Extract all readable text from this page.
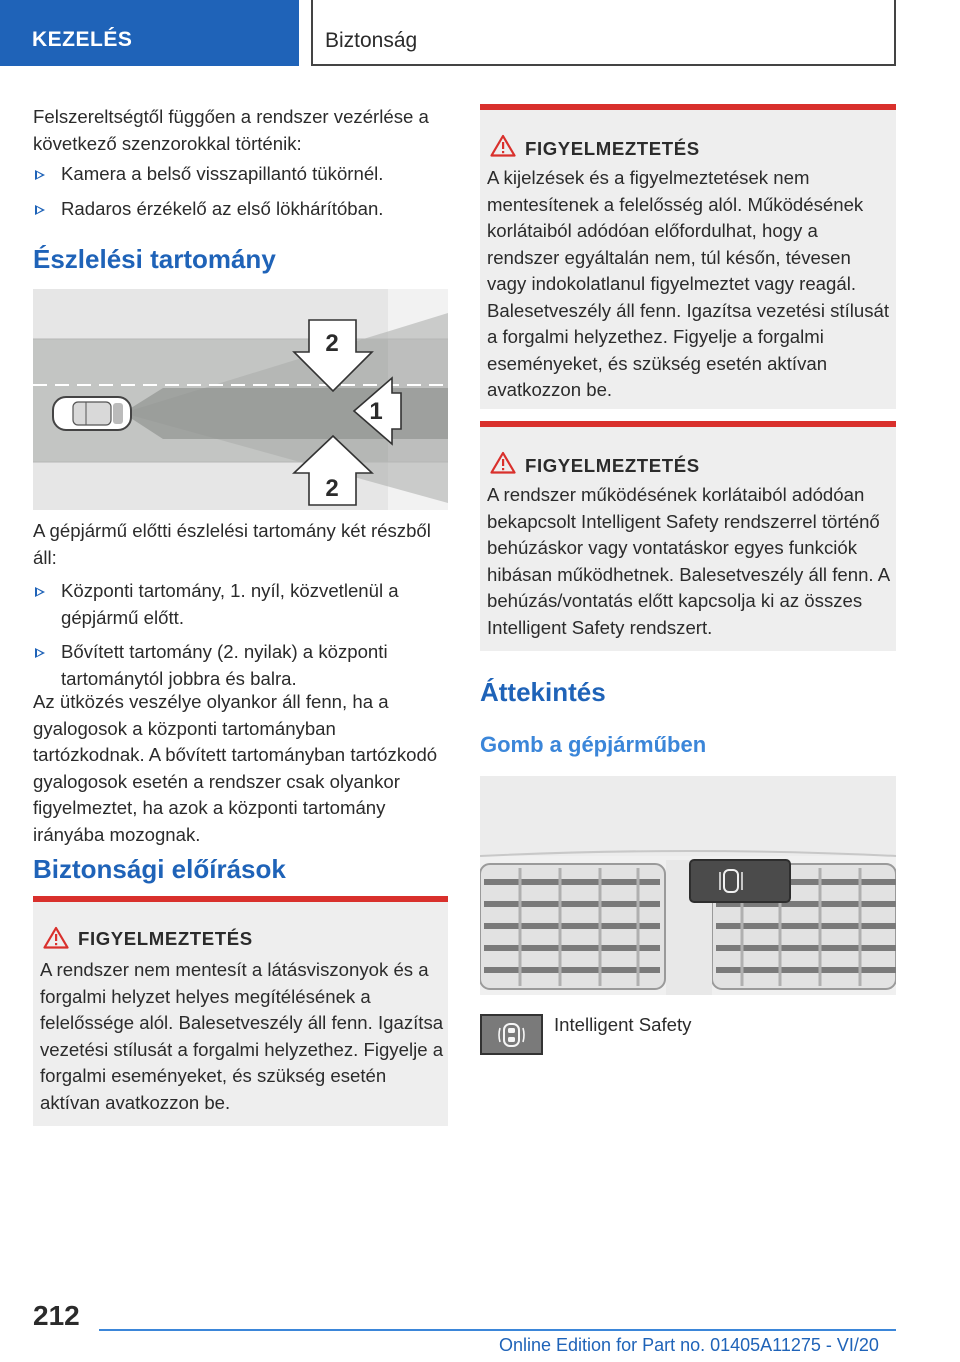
KEZELÉS	Biztonság

Felszereltségtől függően a rendszer vezérlése a következő szenzorokkal történik:

Kamera a belső visszapillantó tükörnél.
Radaros érzékelő az első lökhárítóban.
Észlelési tartomány
2
1
2

A gépjármű előtti észlelési tartomány két részből áll:

Központi tartomány, 1. nyíl, közvetlenül a gépjármű előtt.
Bővített tartomány (2. nyilak) a központi tartománytól jobbra és balra.

Az ütközés veszélye olyankor áll fenn, ha a gyalogosok a központi tartományban tartózkodnak. A bővített tartományban tartózkodó gyalogosok esetén a rendszer csak olyankor figyelmeztet, ha azok a központi tartomány irányába mozognak.

Biztonsági előírások
FIGYELMEZTETÉS
A rendszer nem mentesít a látásviszonyok és a forgalmi helyzet helyes megítélésének a felelőssége alól. Balesetveszély áll fenn. Igazítsa vezetési stílusát a forgalmi helyzethez. Figyelje a forgalmi eseményeket, és szükség esetén aktívan avatkozzon be.
FIGYELMEZTETÉS
A kijelzések és a figyelmeztetések nem mentesítenek a felelősség alól. Működésének korlátaiból adódóan előfordulhat, hogy a rendszer egyáltalán nem, túl későn, tévesen vagy indokolatlanul figyelmeztet vagy reagál. Balesetveszély áll fenn. Igazítsa vezetési stílusát a forgalmi helyzethez. Figyelje a forgalmi eseményeket, és szükség esetén aktívan avatkozzon be.
FIGYELMEZTETÉS
A rendszer működésének korlátaiból adódóan bekapcsolt Intelligent Safety rendszerrel történő behúzáskor vagy vontatáskor egyes funkciók hibásan működhetnek. Balesetveszély áll fenn. A behúzás/vontatás előtt kapcsolja ki az összes Intelligent Safety rendszert.
Áttekintés
Gomb a gépjárműben
Intelligent Safety
212
Online Edition for Part no. 01405A11275 - VI/20
